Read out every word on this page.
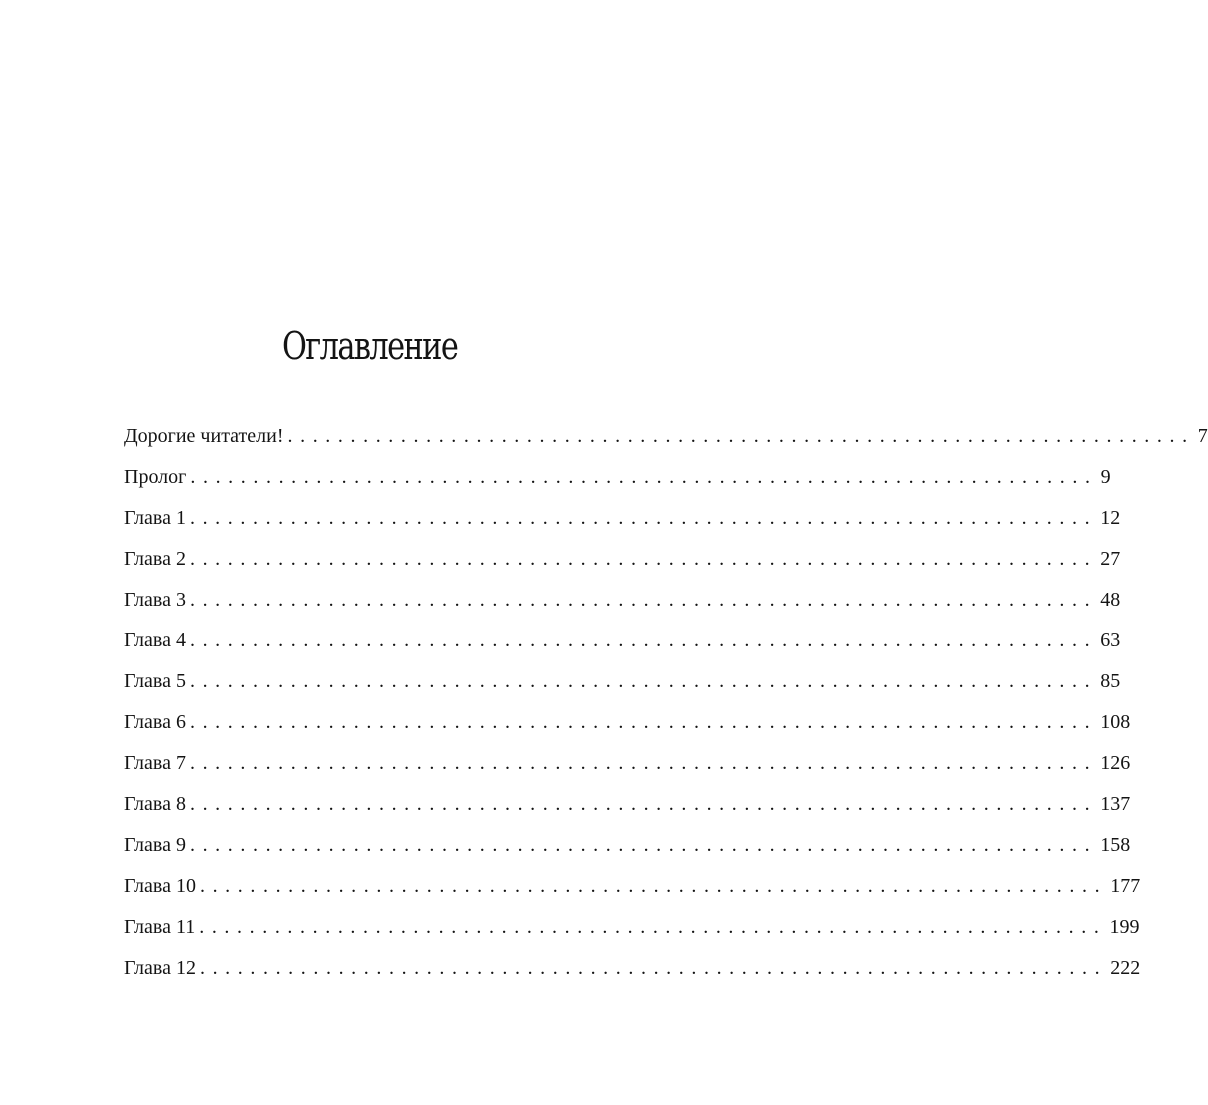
Оглавление
Дорогие читатели! ........................................................................ 7
Пролог ........................................................................ 9
Глава 1 ........................................................................ 12
Глава 2 ........................................................................ 27
Глава 3 ........................................................................ 48
Глава 4 ........................................................................ 63
Глава 5 ........................................................................ 85
Глава 6 ........................................................................ 108
Глава 7 ........................................................................ 126
Глава 8 ........................................................................ 137
Глава 9 ........................................................................ 158
Глава 10 ........................................................................ 177
Глава 11 ........................................................................ 199
Глава 12 ........................................................................ 222
